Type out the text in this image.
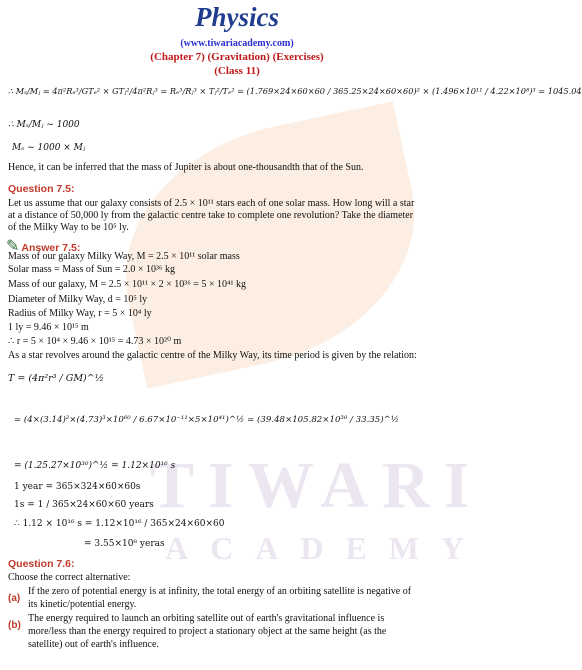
TIWARI
ACADEMY
Physics
(www.tiwariacademy.com)
(Chapter 7) (Gravitation) (Exercises)
(Class 11)
∴ Mₛ/Mⱼ = 4π²Rₑ³/GTₑ² × GTⱼ²/4π²Rⱼ³ = Rₑ³/Rⱼ³ × Tⱼ²/Tₑ² = (1.769×24×60×60 / 365.25×24×60×60)² × (1.496×10¹¹ / 4.22×10⁸)³ = 1045.04
∴ Mₛ/Mⱼ ~ 1000
Mₛ ~ 1000 × Mⱼ
Hence, it can be inferred that the mass of Jupiter is about one-thousandth that of the Sun.
Question 7.5:
Let us assume that our galaxy consists of 2.5 × 10¹¹ stars each of one solar mass. How long will a star
at a distance of 50,000 ly from the galactic centre take to complete one revolution? Take the diameter
of the Milky Way to be 10⁵ ly.
✎ Answer 7.5:
Mass of our galaxy Milky Way, M = 2.5 × 10¹¹ solar mass
Solar mass = Mass of Sun = 2.0 × 10³⁶ kg
Mass of our galaxy, M = 2.5 × 10¹¹ × 2 × 10³⁶ = 5 × 10⁴¹ kg
Diameter of Milky Way, d = 10⁵ ly
Radius of Milky Way, r = 5 × 10⁴ ly
1 ly = 9.46 × 10¹⁵ m
∴ r = 5 × 10⁴ × 9.46 × 10¹⁵ = 4.73 × 10²⁰ m
As a star revolves around the galactic centre of the Milky Way, its time period is given by the relation:
T = (4π²r³ / GM)^½
= (4×(3.14)²×(4.73)³×10⁶⁰ / 6.67×10⁻¹¹×5×10⁴¹)^½ = (39.48×105.82×10³⁰ / 33.35)^½
= (1.25.27×10³⁰)^½ = 1.12×10¹⁶ s
1 year = 365×324×60×60s
1s = 1 / 365×24×60×60 years
∴ 1.12 × 10¹⁶ s = 1.12×10¹⁶ / 365×24×60×60
= 3.55×10⁸ yeras
Question 7.6:
Choose the correct alternative:
(a)
If the zero of potential energy is at infinity, the total energy of an orbiting satellite is negative of
its kinetic/potential energy.
(b)
The energy required to launch an orbiting satellite out of earth's gravitational influence is
more/less than the energy required to project a stationary object at the same height (as the
satellite) out of earth's influence.
